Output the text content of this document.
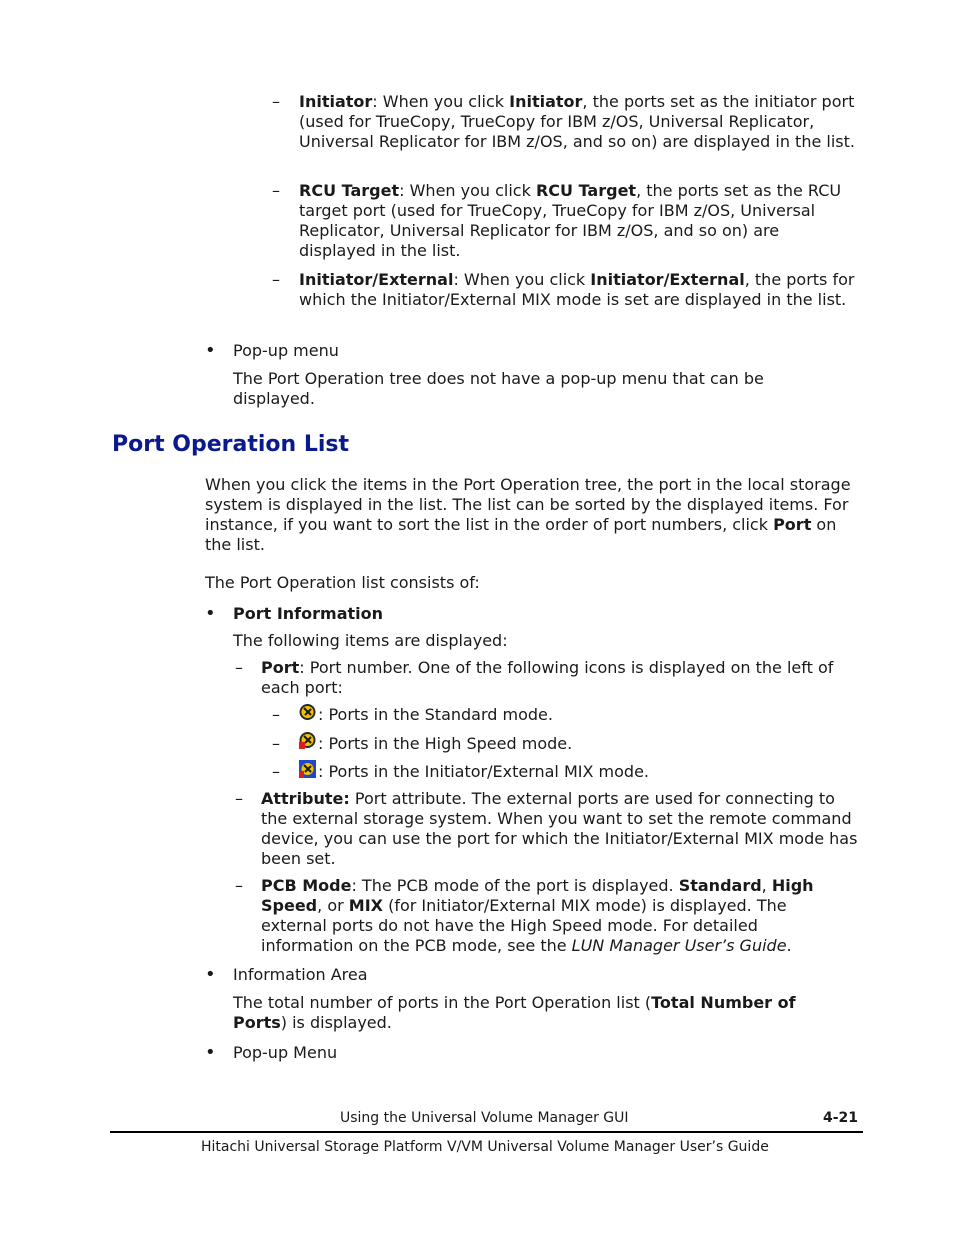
– Initiator: When you click Initiator, the ports set as the initiator port (used for TrueCopy, TrueCopy for IBM z/OS, Universal Replicator, Universal Replicator for IBM z/OS, and so on) are displayed in the list.
– RCU Target: When you click RCU Target, the ports set as the RCU target port (used for TrueCopy, TrueCopy for IBM z/OS, Universal Replicator, Universal Replicator for IBM z/OS, and so on) are displayed in the list.
– Initiator/External: When you click Initiator/External, the ports for which the Initiator/External MIX mode is set are displayed in the list.
• Pop-up menu
The Port Operation tree does not have a pop-up menu that can be displayed.
Port Operation List
When you click the items in the Port Operation tree, the port in the local storage system is displayed in the list. The list can be sorted by the displayed items. For instance, if you want to sort the list in the order of port numbers, click Port on the list.
The Port Operation list consists of:
• Port Information
The following items are displayed:
– Port: Port number. One of the following icons is displayed on the left of each port:
– : Ports in the Standard mode.
– : Ports in the High Speed mode.
– : Ports in the Initiator/External MIX mode.
– Attribute: Port attribute. The external ports are used for connecting to the external storage system. When you want to set the remote command device, you can use the port for which the Initiator/External MIX mode has been set.
– PCB Mode: The PCB mode of the port is displayed. Standard, High Speed, or MIX (for Initiator/External MIX mode) is displayed. The external ports do not have the High Speed mode. For detailed information on the PCB mode, see the LUN Manager User’s Guide.
• Information Area
The total number of ports in the Port Operation list (Total Number of Ports) is displayed.
• Pop-up Menu
Using the Universal Volume Manager GUI	4-21
Hitachi Universal Storage Platform V/VM Universal Volume Manager User’s Guide
